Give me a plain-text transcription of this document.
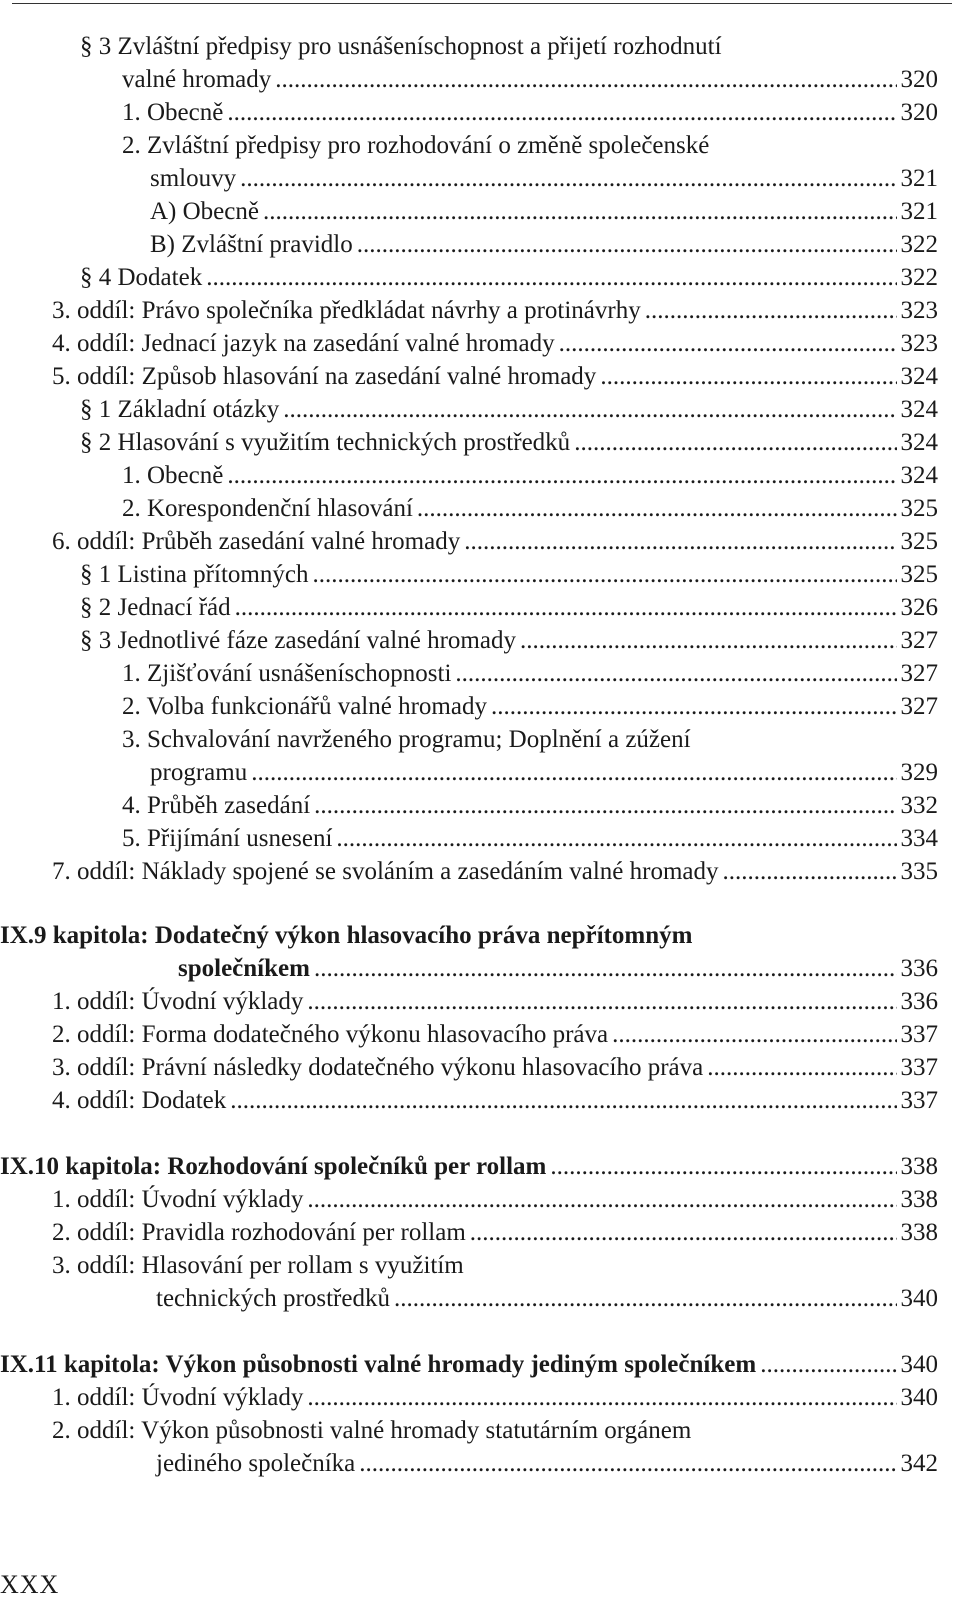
§ 3 Zvláštní předpisy pro usnášeníschopnost a přijetí rozhodnutí
valné hromady .....	320
1. Obecně .....	320
2. Zvláštní předpisy pro rozhodování o změně společenské
smlouvy .....	321
A) Obecně .....	321
B) Zvláštní pravidlo .....	322
§ 4 Dodatek .....	322
3. oddíl: Právo společníka předkládat návrhy a protinávrhy .....	323
4. oddíl: Jednací jazyk na zasedání valné hromady .....	323
5. oddíl: Způsob hlasování na zasedání valné hromady .....	324
§ 1 Základní otázky .....	324
§ 2 Hlasování s využitím technických prostředků .....	324
1. Obecně .....	324
2. Korespondenční hlasování .....	325
6. oddíl: Průběh zasedání valné hromady .....	325
§ 1 Listina přítomných .....	325
§ 2 Jednací řád .....	326
§ 3 Jednotlivé fáze zasedání valné hromady .....	327
1. Zjišťování usnášeníschopnosti .....	327
2. Volba funkcionářů valné hromady .....	327
3. Schvalování navrženého programu; Doplnění a zúžení
programu .....	329
4. Průběh zasedání .....	332
5. Přijímání usnesení .....	334
7. oddíl: Náklady spojené se svoláním a zasedáním valné hromady .....	335
IX.9 kapitola: Dodatečný výkon hlasovacího práva nepřítomným
společníkem .....	336
1. oddíl: Úvodní výklady .....	336
2. oddíl: Forma dodatečného výkonu hlasovacího práva .....	337
3. oddíl: Právní následky dodatečného výkonu hlasovacího práva .....	337
4. oddíl: Dodatek .....	337
IX.10 kapitola: Rozhodování společníků per rollam .....	338
1. oddíl: Úvodní výklady .....	338
2. oddíl: Pravidla rozhodování per rollam .....	338
3. oddíl: Hlasování per rollam s využitím
technických prostředků .....	340
IX.11 kapitola: Výkon působnosti valné hromady jediným společníkem .....	340
1. oddíl: Úvodní výklady .....	340
2. oddíl: Výkon působnosti valné hromady statutárním orgánem
jediného společníka .....	342
XXX
